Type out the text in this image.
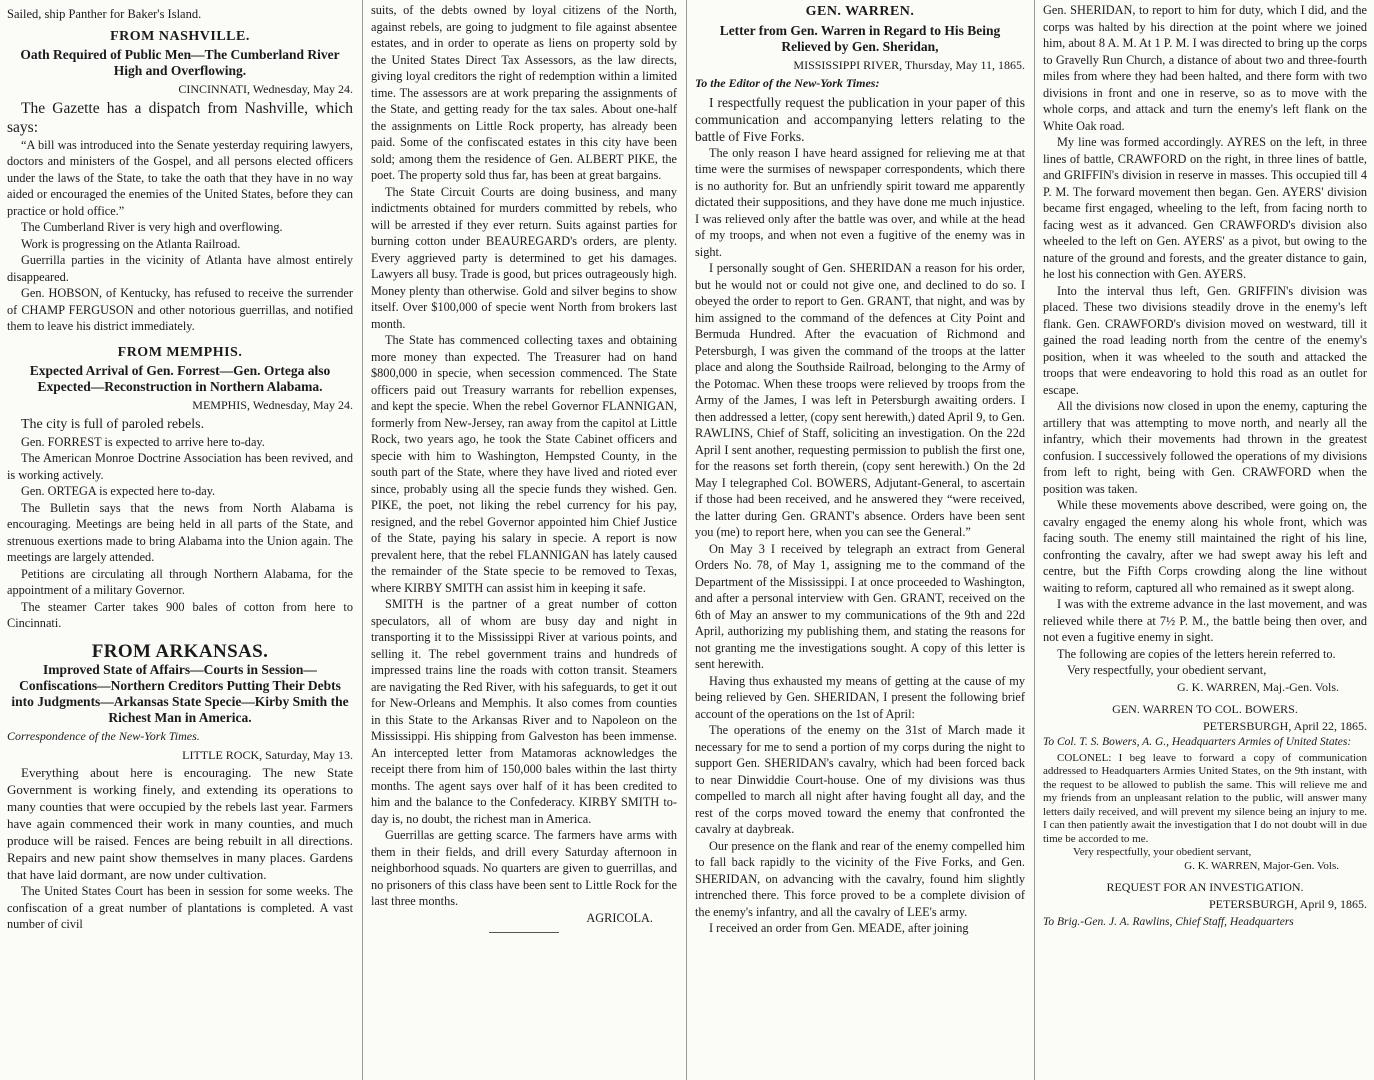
Sailed, ship Panther for Baker's Island.

FROM NASHVILLE.
Oath Required of Public Men—The Cumberland River High and Overflowing.
CINCINNATI, Wednesday, May 24.

The Gazette has a dispatch from Nashville, which says:

“A bill was introduced into the Senate yesterday requiring lawyers, doctors and ministers of the Gospel, and all persons elected officers under the laws of the State, to take the oath that they have in no way aided or encouraged the enemies of the United States, before they can practice or hold office.”

The Cumberland River is very high and overflowing.

Work is progressing on the Atlanta Railroad.

Guerrilla parties in the vicinity of Atlanta have almost entirely disappeared.

Gen. HOBSON, of Kentucky, has refused to receive the surrender of CHAMP FERGUSON and other notorious guerrillas, and notified them to leave his district immediately.

FROM MEMPHIS.
Expected Arrival of Gen. Forrest—Gen. Ortega also Expected—Reconstruction in Northern Alabama.
MEMPHIS, Wednesday, May 24.

The city is full of paroled rebels.

Gen. FORREST is expected to arrive here to-day.

The American Monroe Doctrine Association has been revived, and is working actively.

Gen. ORTEGA is expected here to-day.

The Bulletin says that the news from North Alabama is encouraging. Meetings are being held in all parts of the State, and strenuous exertions made to bring Alabama into the Union again. The meetings are largely attended.

Petitions are circulating all through Northern Alabama, for the appointment of a military Governor.

The steamer Carter takes 900 bales of cotton from here to Cincinnati.

FROM ARKANSAS.
Improved State of Affairs—Courts in Session—Confiscations—Northern Creditors Putting Their Debts into Judgments—Arkansas State Specie—Kirby Smith the Richest Man in America.
Correspondence of the New-York Times.
LITTLE ROCK, Saturday, May 13.

Everything about here is encouraging. The new State Government is working finely, and extending its operations to many counties that were occupied by the rebels last year. Farmers have again commenced their work in many counties, and much produce will be raised. Fences are being rebuilt in all directions. Repairs and new paint show themselves in many places. Gardens that have laid dormant, are now under cultivation.

The United States Court has been in session for some weeks. The confiscation of a great number of plantations is completed. A vast number of civil

suits, of the debts owned by loyal citizens of the North, against rebels, are going to judgment to file against absentee estates, and in order to operate as liens on property sold by the United States Direct Tax Assessors, as the law directs, giving loyal creditors the right of redemption within a limited time. The assessors are at work preparing the assignments of the State, and getting ready for the tax sales. About one-half the assignments on Little Rock property, has already been paid. Some of the confiscated estates in this city have been sold; among them the residence of Gen. ALBERT PIKE, the poet. The property sold thus far, has been at great bargains.

The State Circuit Courts are doing business, and many indictments obtained for murders committed by rebels, who will be arrested if they ever return. Suits against parties for burning cotton under BEAUREGARD's orders, are plenty. Every aggrieved party is determined to get his damages. Lawyers all busy. Trade is good, but prices outrageously high. Money plenty than otherwise. Gold and silver begins to show itself. Over $100,000 of specie went North from brokers last month.

The State has commenced collecting taxes and obtaining more money than expected. The Treasurer had on hand $800,000 in specie, when secession commenced. The State officers paid out Treasury warrants for rebellion expenses, and kept the specie. When the rebel Governor FLANNIGAN, formerly from New-Jersey, ran away from the capitol at Little Rock, two years ago, he took the State Cabinet officers and specie with him to Washington, Hempsted County, in the south part of the State, where they have lived and rioted ever since, probably using all the specie funds they wished. Gen. PIKE, the poet, not liking the rebel currency for his pay, resigned, and the rebel Governor appointed him Chief Justice of the State, paying his salary in specie. A report is now prevalent here, that the rebel FLANNIGAN has lately caused the remainder of the State specie to be removed to Texas, where KIRBY SMITH can assist him in keeping it safe.

SMITH is the partner of a great number of cotton speculators, all of whom are busy day and night in transporting it to the Mississippi River at various points, and selling it. The rebel government trains and hundreds of impressed trains line the roads with cotton transit. Steamers are navigating the Red River, with his safeguards, to get it out for New-Orleans and Memphis. It also comes from counties in this State to the Arkansas River and to Napoleon on the Mississippi. His shipping from Galveston has been immense. An intercepted letter from Matamoras acknowledges the receipt there from him of 150,000 bales within the last thirty months. The agent says over half of it has been credited to him and the balance to the Confederacy. KIRBY SMITH to-day is, no doubt, the richest man in America.

Guerrillas are getting scarce. The farmers have arms with them in their fields, and drill every Saturday afternoon in neighborhood squads. No quarters are given to guerrillas, and no prisoners of this class have been sent to Little Rock for the last three months.

AGRICOLA.
GEN. WARREN.
Letter from Gen. Warren in Regard to His Being Relieved by Gen. Sheridan,
MISSISSIPPI RIVER, Thursday, May 11, 1865.
To the Editor of the New-York Times:

I respectfully request the publication in your paper of this communication and accompanying letters relating to the battle of Five Forks.

The only reason I have heard assigned for relieving me at that time were the surmises of newspaper correspondents, which there is no authority for. But an unfriendly spirit toward me apparently dictated their suppositions, and they have done me much injustice. I was relieved only after the battle was over, and while at the head of my troops, and when not even a fugitive of the enemy was in sight.

I personally sought of Gen. SHERIDAN a reason for his order, but he would not or could not give one, and declined to do so. I obeyed the order to report to Gen. GRANT, that night, and was by him assigned to the command of the defences at City Point and Bermuda Hundred. After the evacuation of Richmond and Petersburgh, I was given the command of the troops at the latter place and along the Southside Railroad, belonging to the Army of the Potomac. When these troops were relieved by troops from the Army of the James, I was left in Petersburgh awaiting orders. I then addressed a letter, (copy sent herewith,) dated April 9, to Gen. RAWLINS, Chief of Staff, soliciting an investigation. On the 22d April I sent another, requesting permission to publish the first one, for the reasons set forth therein, (copy sent herewith.) On the 2d May I telegraphed Col. BOWERS, Adjutant-General, to ascertain if those had been received, and he answered they “were received, the latter during Gen. GRANT's absence. Orders have been sent you (me) to report here, when you can see the General.”

On May 3 I received by telegraph an extract from General Orders No. 78, of May 1, assigning me to the command of the Department of the Mississippi. I at once proceeded to Washington, and after a personal interview with Gen. GRANT, received on the 6th of May an answer to my communications of the 9th and 22d April, authorizing my publishing them, and stating the reasons for not granting me the investigations sought. A copy of this letter is sent herewith.

Having thus exhausted my means of getting at the cause of my being relieved by Gen. SHERIDAN, I present the following brief account of the operations on the 1st of April:

The operations of the enemy on the 31st of March made it necessary for me to send a portion of my corps during the night to support Gen. SHERIDAN's cavalry, which had been forced back to near Dinwiddie Court-house. One of my divisions was thus compelled to march all night after having fought all day, and the rest of the corps moved toward the enemy that confronted the cavalry at daybreak.

Our presence on the flank and rear of the enemy compelled him to fall back rapidly to the vicinity of the Five Forks, and Gen. SHERIDAN, on advancing with the cavalry, found him slightly intrenched there. This force proved to be a complete division of the enemy's infantry, and all the cavalry of LEE's army.

I received an order from Gen. MEADE, after joining

Gen. SHERIDAN, to report to him for duty, which I did, and the corps was halted by his direction at the point where we joined him, about 8 A. M. At 1 P. M. I was directed to bring up the corps to Gravelly Run Church, a distance of about two and three-fourth miles from where they had been halted, and there form with two divisions in front and one in reserve, so as to move with the whole corps, and attack and turn the enemy's left flank on the White Oak road.

My line was formed accordingly. AYRES on the left, in three lines of battle, CRAWFORD on the right, in three lines of battle, and GRIFFIN's division in reserve in masses. This occupied till 4 P. M. The forward movement then began. Gen. AYERS' division became first engaged, wheeling to the left, from facing north to facing west as it advanced. Gen CRAWFORD's division also wheeled to the left on Gen. AYERS' as a pivot, but owing to the nature of the ground and forests, and the greater distance to gain, he lost his connection with Gen. AYERS.

Into the interval thus left, Gen. GRIFFIN's division was placed. These two divisions steadily drove in the enemy's left flank. Gen. CRAWFORD's division moved on westward, till it gained the road leading north from the centre of the enemy's position, when it was wheeled to the south and attacked the troops that were endeavoring to hold this road as an outlet for escape.

All the divisions now closed in upon the enemy, capturing the artillery that was attempting to move north, and nearly all the infantry, which their movements had thrown in the greatest confusion. I successively followed the operations of my divisions from left to right, being with Gen. CRAWFORD when the position was taken.

While these movements above described, were going on, the cavalry engaged the enemy along his whole front, which was facing south. The enemy still maintained the right of his line, confronting the cavalry, after we had swept away his left and centre, but the Fifth Corps crowding along the line without waiting to reform, captured all who remained as it swept along.

I was with the extreme advance in the last movement, and was relieved while there at 7½ P. M., the battle being then over, and not even a fugitive enemy in sight.

The following are copies of the letters herein referred to.

Very respectfully, your obedient servant,

G. K. WARREN, Maj.-Gen. Vols.
GEN. WARREN TO COL. BOWERS.
PETERSBURGH, April 22, 1865.
To Col. T. S. Bowers, A. G., Headquarters Armies of United States:

COLONEL: I beg leave to forward a copy of communication addressed to Headquarters Armies United States, on the 9th instant, with the request to be allowed to publish the same. This will relieve me and my friends from an unpleasant relation to the public, will answer many letters daily received, and will prevent my silence being an injury to me. I can then patiently await the investigation that I do not doubt will in due time be accorded to me.

Very respectfully, your obedient servant,

G. K. WARREN, Major-Gen. Vols.
REQUEST FOR AN INVESTIGATION.
PETERSBURGH, April 9, 1865.
To Brig.-Gen. J. A. Rawlins, Chief Staff, Headquarters
